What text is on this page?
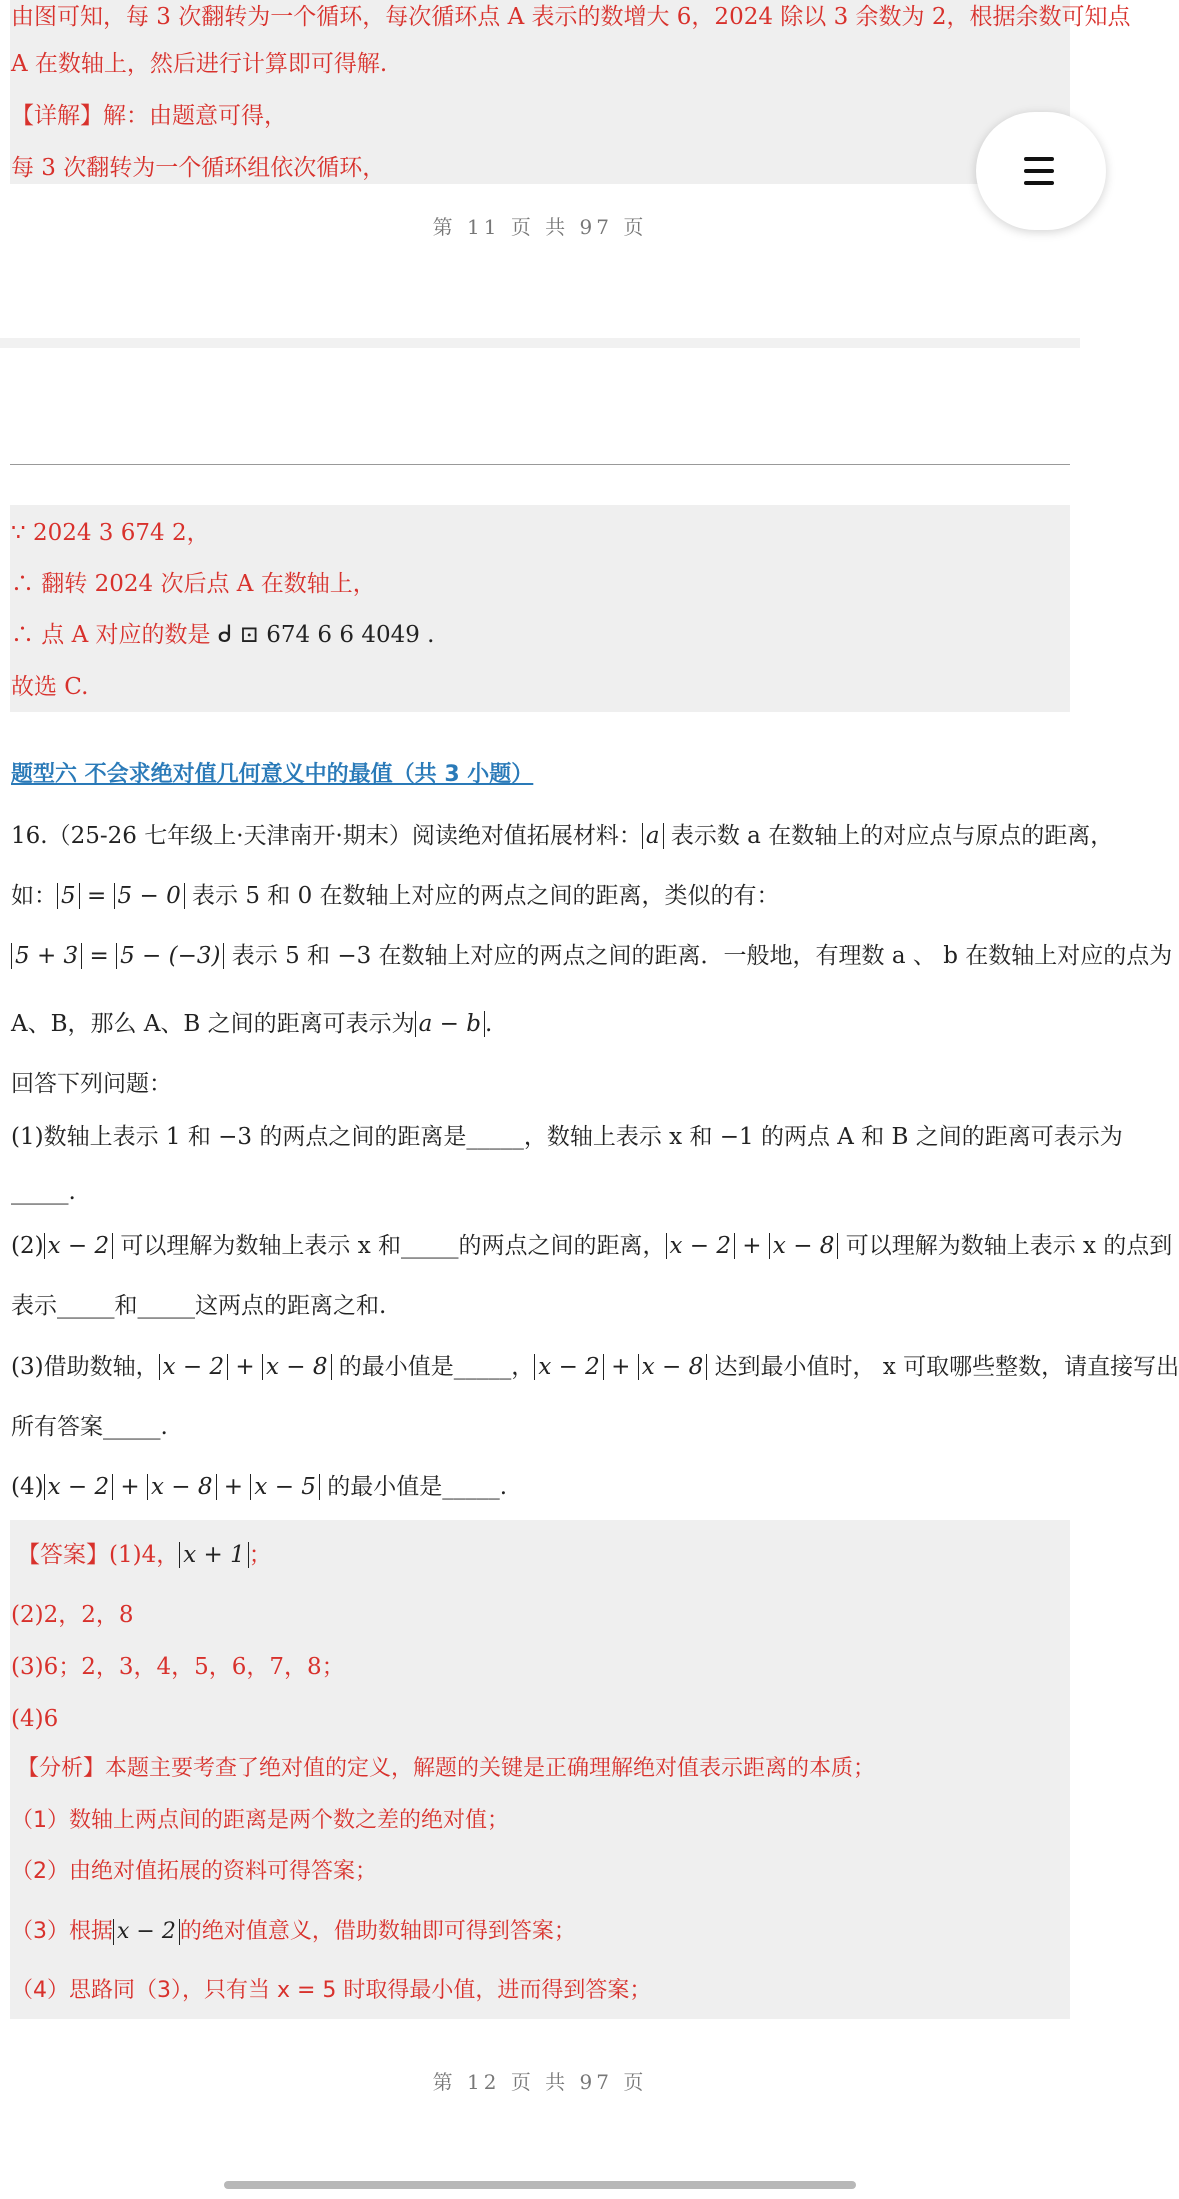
由图可知，每 3 次翻转为一个循环，每次循环点 A 表示的数增大 6，2024 除以 3 余数为 2，根据余数可知点
A 在数轴上，然后进行计算即可得解.
【详解】解：由题意可得，
每 3 次翻转为一个循环组依次循环，
第 11 页 共 97 页
∵ 2024 3 674 2，
∴ 翻转 2024 次后点 A 在数轴上，
∴ 点 A 对应的数是 ᑯ ⊡ 674 6 6 4049 .
故选 C.
题型六 不会求绝对值几何意义中的最值（共 3 小题）
16.（25-26 七年级上·天津南开·期末）阅读绝对值拓展材料： a 表示数 a 在数轴上的对应点与原点的距离，
如： 5 = 5 − 0 表示 5 和 0 在数轴上对应的两点之间的距离，类似的有：
5 + 3 = 5 − (−3) 表示 5 和 −3 在数轴上对应的两点之间的距离．一般地，有理数 a 、 b 在数轴上对应的点为
A、B，那么 A、B 之间的距离可表示为 a − b .
回答下列问题：
(1)数轴上表示 1 和 −3 的两点之间的距离是_____，数轴上表示 x 和 −1 的两点 A 和 B 之间的距离可表示为
_____.
(2) x − 2 可以理解为数轴上表示 x 和_____的两点之间的距离， x − 2 + x − 8 可以理解为数轴上表示 x 的点到
表示_____和_____这两点的距离之和.
(3)借助数轴， x − 2 + x − 8 的最小值是_____， x − 2 + x − 8 达到最小值时， x 可取哪些整数，请直接写出
所有答案_____.
(4) x − 2 + x − 8 + x − 5 的最小值是_____.
【答案】(1)4， x + 1 ；
(2)2，2，8
(3)6；2，3，4，5，6，7，8；
(4)6
【分析】本题主要考查了绝对值的定义，解题的关键是正确理解绝对值表示距离的本质；
（1）数轴上两点间的距离是两个数之差的绝对值；
（2）由绝对值拓展的资料可得答案；
（3）根据 x − 2 的绝对值意义，借助数轴即可得到答案；
（4）思路同（3），只有当 x = 5 时取得最小值，进而得到答案；
第 12 页 共 97 页
